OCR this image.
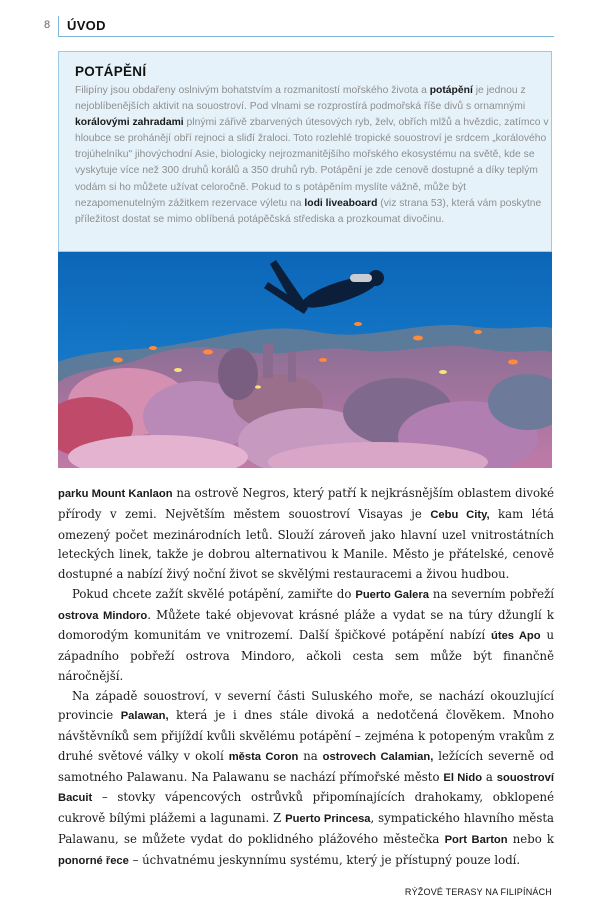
8 ÚVOD
POTÁPĚNÍ
Filipíny jsou obdařeny oslnivým bohatstvím a rozmanitostí mořského života a potápění je jednou z nejoblíbenějších aktivit na souostroví. Pod vlnami se rozprostírá podmořská říše divů s ornamnými korálovými zahradami plnými zářivě zbarvených útesových ryb, želv, obřích mlžů a hvězdic, zatímco v hloubce se prohánějí obří rejnoci a sliđí žraloci. Toto rozlehlé tropické souostroví je srdcem „korálového trojúhelníku" jihovýchodní Asie, biologicky nejrozmanitějšího mořského ekosystému na světě, kde se vyskytuje více než 300 druhů korálů a 350 druhů ryb. Potápění je zde cenově dostupné a díky teplým vodám si ho můžete užívat celoročně. Pokud to s potápěním myslíte vážně, může být nezapomenutelným zážitkem rezervace výletu na lodi liveaboard (viz strana 53), která vám poskytne příležitost dostat se mimo oblíbená potápěčská střediska a prozkoumat divočinu.

parku Mount Kanlaon na ostrově Negros, který patří k nejkrásnějším oblastem divoké přírody v zemi. Největším městem souostroví Visayas je Cebu City, kam létá omezený počet mezinárodních letů. Slouží zároveň jako hlavní uzel vnitrostátních leteckých linek, takže je dobrou alternativou k Manile. Město je přátelské, cenově dostupné a nabízí živý noční život se skvělými restauracemi a živou hudbou.

Pokud chcete zažít skvělé potápění, zamiřte do Puerto Galera na severním pobřeží ostrova Mindoro. Můžete také objevovat krásné pláže a vydat se na túry džunglí k domorodým komunitám ve vnitrozemí. Další špičkové potápění nabízí útes Apo u západního pobřeží ostrova Mindoro, ačkoli cesta sem může být finančně náročnější.

Na západě souostroví, v severní části Suluského moře, se nachází okouzlující provincie Palawan, která je i dnes stále divoká a nedotčená člověkem. Mnoho návštěvníků sem přijíždí kvůli skvělému potápění – zejména k potopeným vrakům z druhé světové války v okolí města Coron na ostrovech Calamian, ležících severně od samotného Palawanu. Na Palawanu se nachází přímořské město El Nido a souostroví Bacuit – stovky vápencových ostrůvků připomínajících drahokamy, obklopené cukrově bílými plážemi a lagunami. Z Puerto Princesa, sympatického hlavního města Palawanu, se můžete vydat do poklidného plážového městečka Port Barton nebo k ponorné řece – úchvatnému jeskynnímu systému, který je přístupný pouze lodí.

RÝŽOVÉ TERASY NA FILIPÍNÁCH
